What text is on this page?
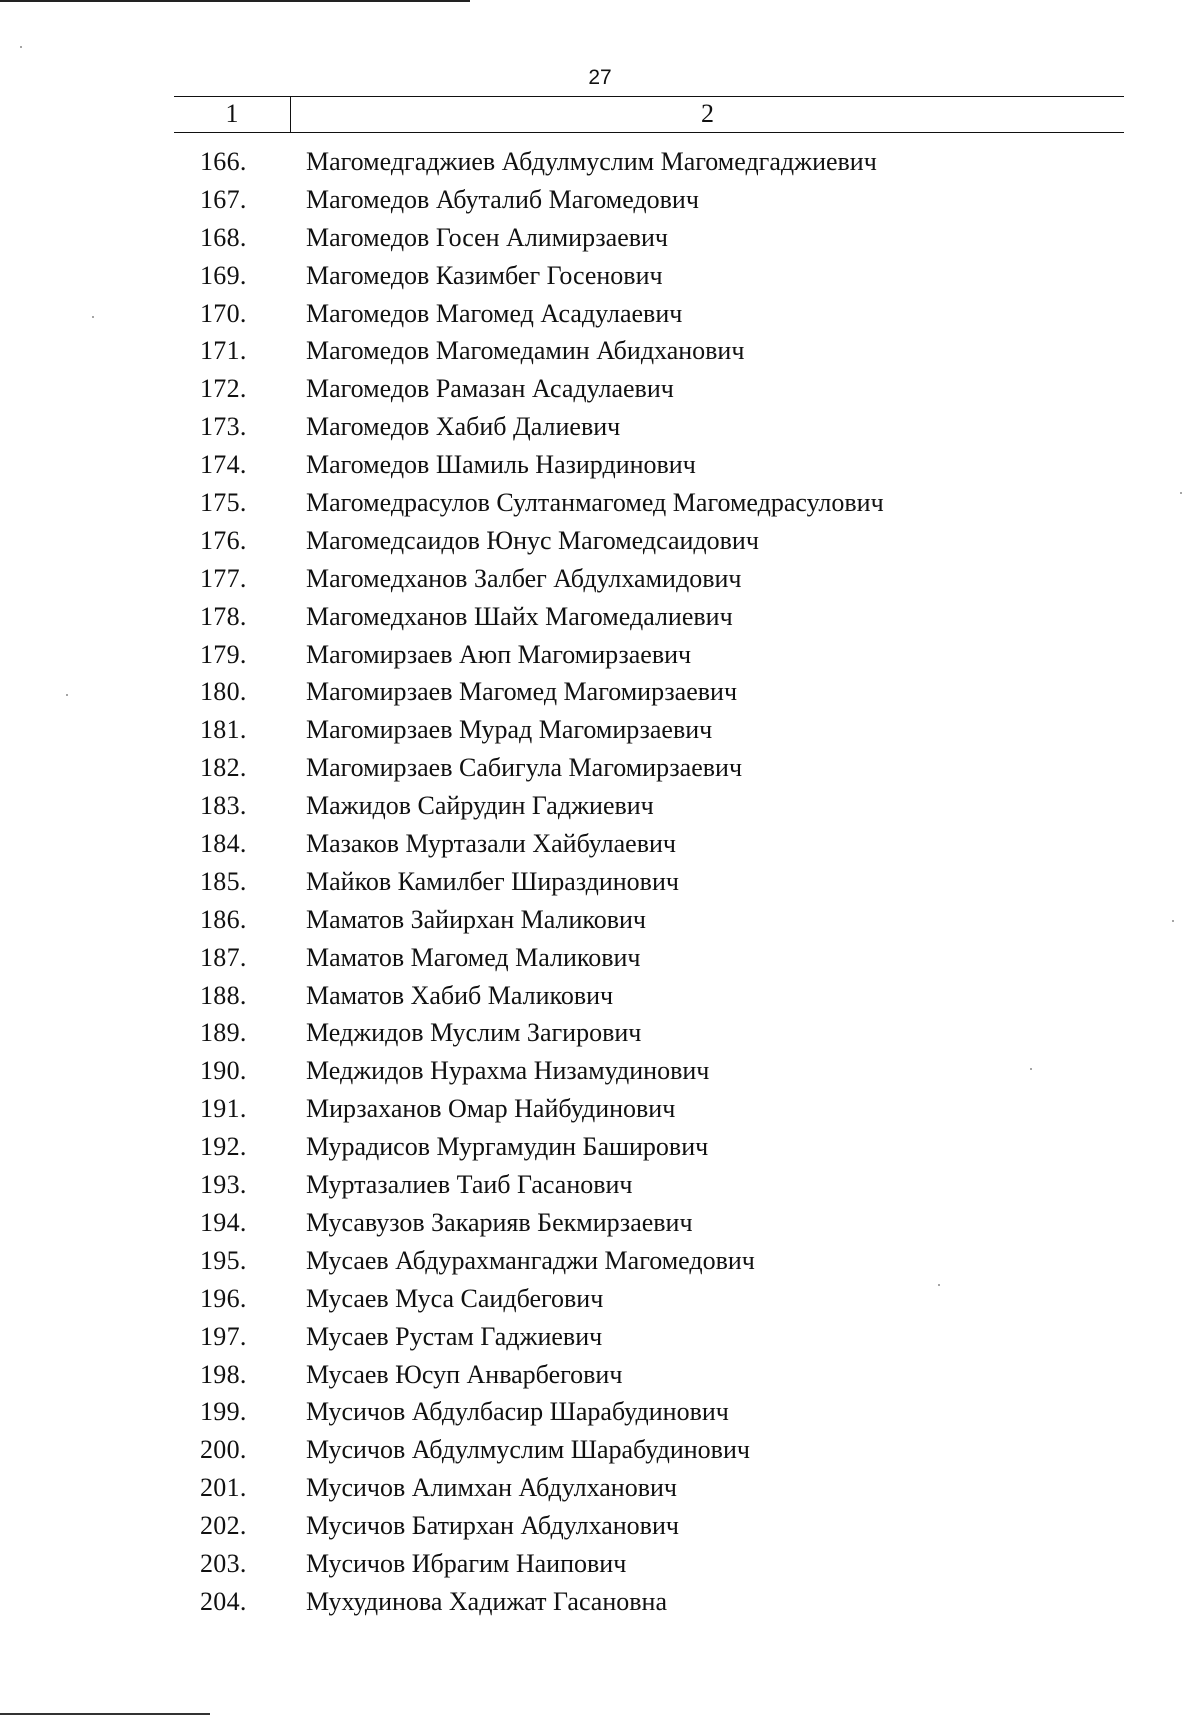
27
1	2
166.	Магомедгаджиев Абдулмуслим Магомедгаджиевич
167.	Магомедов Абуталиб Магомедович
168.	Магомедов Госен Алимирзаевич
169.	Магомедов Казимбег Госенович
170.	Магомедов Магомед Асадулаевич
171.	Магомедов Магомедамин Абидханович
172.	Магомедов Рамазан Асадулаевич
173.	Магомедов Хабиб Далиевич
174.	Магомедов Шамиль Назирдинович
175.	Магомедрасулов Султанмагомед Магомедрасулович
176.	Магомедсаидов Юнус Магомедсаидович
177.	Магомедханов Залбег Абдулхамидович
178.	Магомедханов Шайх Магомедалиевич
179.	Магомирзаев Аюп Магомирзаевич
180.	Магомирзаев Магомед Магомирзаевич
181.	Магомирзаев Мурад Магомирзаевич
182.	Магомирзаев Сабигула Магомирзаевич
183.	Мажидов Сайрудин Гаджиевич
184.	Мазаков Муртазали Хайбулаевич
185.	Майков Камилбег Шираздинович
186.	Маматов Зайирхан Маликович
187.	Маматов Магомед Маликович
188.	Маматов Хабиб Маликович
189.	Меджидов Муслим Загирович
190.	Меджидов Нурахма Низамудинович
191.	Мирзаханов Омар Найбудинович
192.	Мурадисов Мургамудин Баширович
193.	Муртазалиев Таиб Гасанович
194.	Мусавузов Закарияв Бекмирзаевич
195.	Мусаев Абдурахмангаджи Магомедович
196.	Мусаев Муса Саидбегович
197.	Мусаев Рустам Гаджиевич
198.	Мусаев Юсуп Анварбегович
199.	Мусичов Абдулбасир Шарабудинович
200.	Мусичов Абдулмуслим Шарабудинович
201.	Мусичов Алимхан Абдулханович
202.	Мусичов Батирхан Абдулханович
203.	Мусичов Ибрагим Наипович
204.	Мухудинова Хадижат Гасановна
